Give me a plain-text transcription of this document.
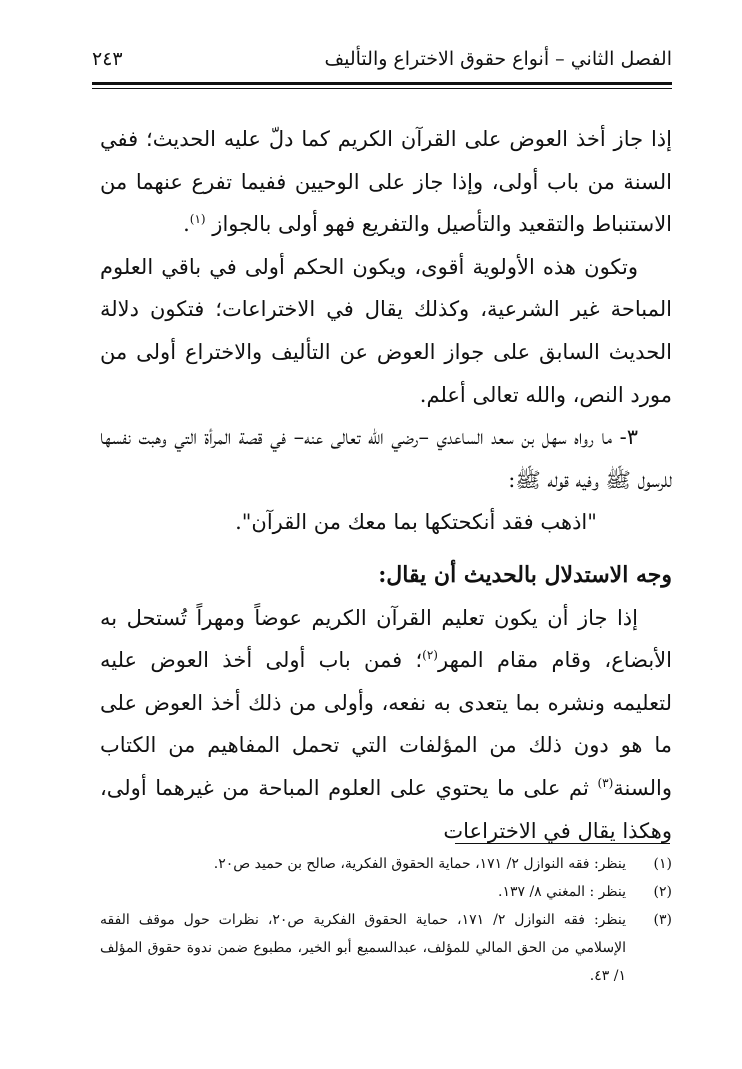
الفصل الثاني – أنواع حقوق الاختراع والتأليف
٢٤٣

إذا جاز أخذ العوض على القرآن الكريم كما دلّ عليه الحديث؛ ففي السنة من باب أولى، وإذا جاز على الوحيين ففيما تفرع عنهما من الاستنباط والتقعيد والتأصيل والتفريع فهو أولى بالجواز $^{(١)}$.

وتكون هذه الأولوية أقوى، ويكون الحكم أولى في باقي العلوم المباحة غير الشرعية، وكذلك يقال في الاختراعات؛ فتكون دلالة الحديث السابق على جواز العوض عن التأليف والاختراع أولى من مورد النص، والله تعالى أعلم.

٣- ما رواه سهل بن سعد الساعدي –رضي الله تعالى عنه– في قصة المرأة التي وهبت نفسها للرسول ﷺ وفيه قوله ﷺ:

"اذهب فقد أنكحتكها بما معك من القرآن".

وجه الاستدلال بالحديث أن يقال:

إذا جاز أن يكون تعليم القرآن الكريم عوضاً ومهراً تُستحل به الأبضاع، وقام مقام المهر$^{(٢)}$؛ فمن باب أولى أخذ العوض عليه لتعليمه ونشره بما يتعدى به نفعه، وأولى من ذلك أخذ العوض على ما هو دون ذلك من المؤلفات التي تحمل المفاهيم من الكتاب والسنة$^{(٣)}$ ثم على ما يحتوي على العلوم المباحة من غيرهما أولى، وهكذا يقال في الاختراعات

(١)
ينظر: فقه النوازل ٢/ ١٧١، حماية الحقوق الفكرية، صالح بن حميد ص٢٠.
(٢)
ينظر : المغني ٨/ ١٣٧.
(٣)
ينظر: فقه النوازل ٢/ ١٧١، حماية الحقوق الفكرية ص٢٠، نظرات حول موقف الفقه الإسلامي من الحق المالي للمؤلف، عبدالسميع أبو الخير، مطبوع ضمن ندوة حقوق المؤلف ١/ ٤٣.
